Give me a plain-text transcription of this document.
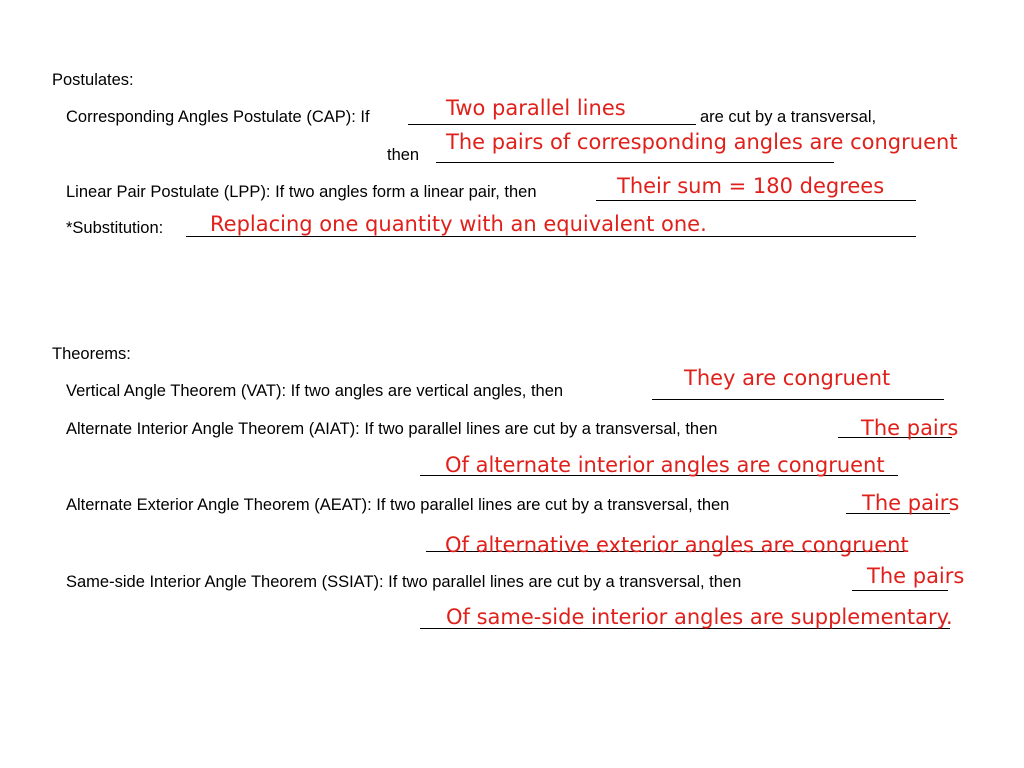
Postulates:
Corresponding Angles Postulate (CAP): If	Two parallel lines	are cut by a transversal,
then
The pairs of corresponding angles are congruent
Linear Pair Postulate (LPP): If two angles form a linear pair, then	Their sum = 180 degrees
*Substitution: Replacing one quantity with an equivalent one.
Theorems:
Vertical Angle Theorem (VAT): If two angles are vertical angles, then
They are congruent
Alternate Interior Angle Theorem (AIAT): If two parallel lines are cut by a transversal, then	The pairs
Of alternate interior angles are congruent
Alternate Exterior Angle Theorem (AEAT): If two parallel lines are cut by a transversal, then	The pairs
Of alternative exterior angles are congruent
Same-side Interior Angle Theorem (SSIAT): If two parallel lines are cut by a transversal, then	The pairs
Of same-side interior angles are supplementary.
